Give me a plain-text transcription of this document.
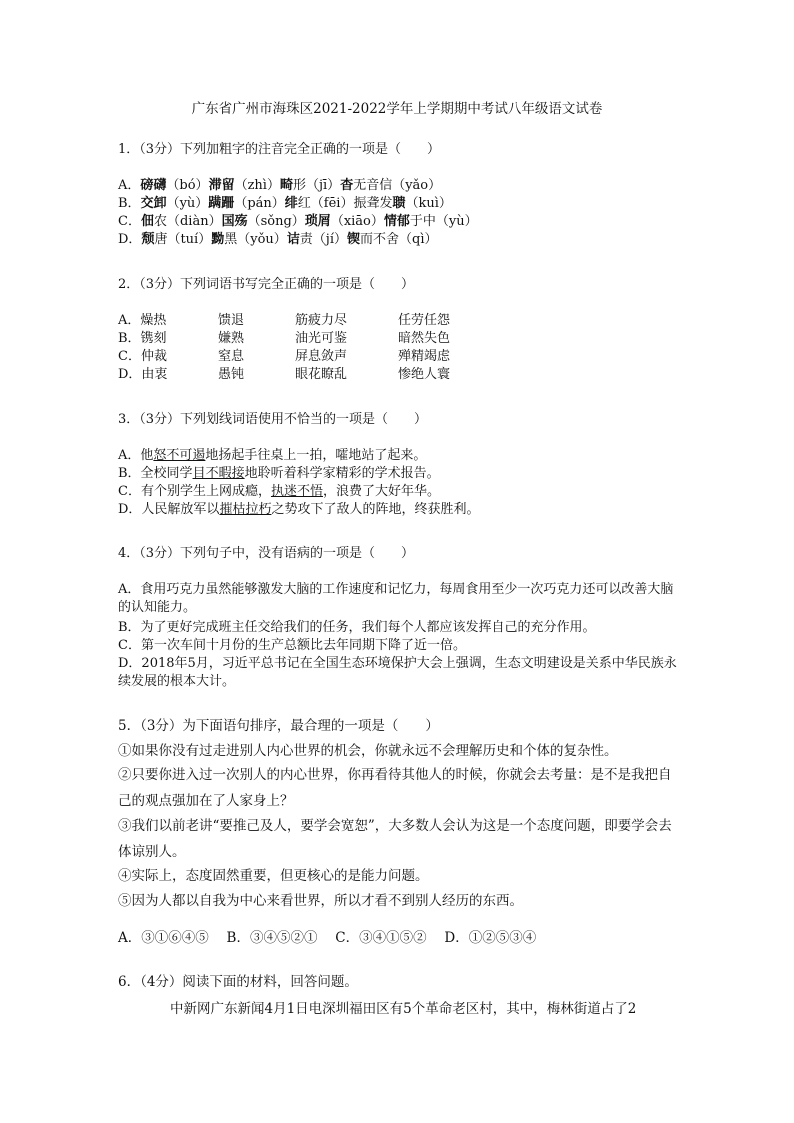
广东省广州市海珠区2021-2022学年上学期期中考试八年级语文试卷
1．（3分）下列加粗字的注音完全正确的一项是（　　）
A．磅礴（bó）滞留（zhì）畸形（jī）杳无音信（yǎo）
B．交卸（yù）蹒跚（pán）绯红（fēi）振聋发聩（kuì）
C．佃农（diàn）国殇（sǒng）琐屑（xiāo）情郁于中（yù）
D．颓唐（tuí）黝黑（yǒu）诘责（jí）锲而不舍（qì）
2．（3分）下列词语书写完全正确的一项是（　　）
A．燥热	馈退	筋疲力尽	任劳任怨
B．镌刻	嫌熟	油光可鉴	暗然失色
C．仲裁	窒息	屏息敛声	殚精竭虑
D．由衷	愚钝	眼花瞭乱	惨绝人寰
3．（3分）下列划线词语使用不恰当的一项是（　　）
A．他怒不可遏地扬起手往桌上一拍，嚯地站了起来。
B．全校同学目不暇接地聆听着科学家精彩的学术报告。
C．有个别学生上网成瘾，执迷不悟，浪费了大好年华。
D．人民解放军以摧枯拉朽之势攻下了敌人的阵地，终获胜利。
4．（3分）下列句子中，没有语病的一项是（　　）
A．食用巧克力虽然能够激发大脑的工作速度和记忆力，每周食用至少一次巧克力还可以改善大脑的认知能力。
B．为了更好完成班主任交给我们的任务，我们每个人都应该发挥自己的充分作用。
C．第一次车间十月份的生产总额比去年同期下降了近一倍。
D．2018年5月，习近平总书记在全国生态环境保护大会上强调，生态文明建设是关系中华民族永续发展的根本大计。
5．（3分）为下面语句排序，最合理的一项是（　　）
①如果你没有过走进别人内心世界的机会，你就永远不会理解历史和个体的复杂性。
②只要你进入过一次别人的内心世界，你再看待其他人的时候，你就会去考量：是不是我把自己的观点强加在了人家身上？
③我们以前老讲“要推己及人，要学会宽恕”，大多数人会认为这是一个态度问题，即要学会去体谅别人。
④实际上，态度固然重要，但更核心的是能力问题。
⑤因为人都以自我为中心来看世界，所以才看不到别人经历的东西。
A．③①⑥④⑤　 B．③④⑤②①　 C．③④①⑤②　 D．①②⑤③④
6．（4分）阅读下面的材料，回答问题。
中新网广东新闻4月1日电深圳福田区有5个革命老区村，其中，梅林街道占了2
